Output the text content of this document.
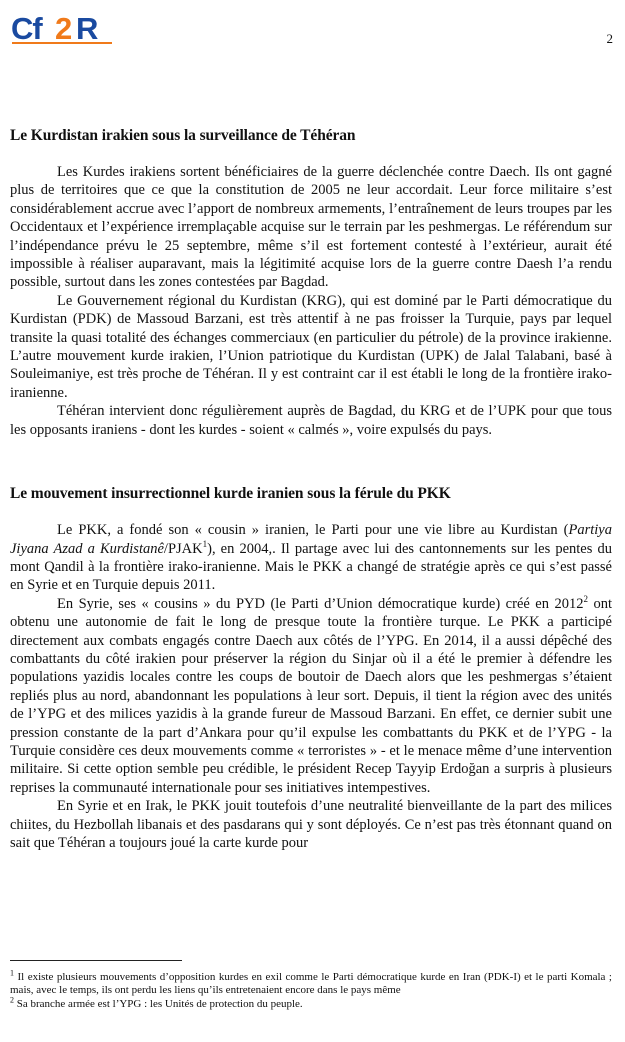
Cf 2 R	2
Le Kurdistan irakien sous la surveillance de Téhéran

Les Kurdes irakiens sortent bénéficiaires de la guerre déclenchée contre Daech. Ils ont gagné plus de territoires que ce que la constitution de 2005 ne leur accordait. Leur force militaire s’est considérablement accrue avec l’apport de nombreux armements, l’entraînement de leurs troupes par les Occidentaux et l’expérience irremplaçable acquise sur le terrain par les peshmergas. Le référendum sur l’indépendance prévu le 25 septembre, même s’il est fortement contesté à l’extérieur, aurait été impossible à réaliser auparavant, mais la légitimité acquise lors de la guerre contre Daesh l’a rendu possible, surtout dans les zones contestées par Bagdad.

Le Gouvernement régional du Kurdistan (KRG), qui est dominé par le Parti démocratique du Kurdistan (PDK) de Massoud Barzani, est très attentif à ne pas froisser la Turquie, pays par lequel transite la quasi totalité des échanges commerciaux (en particulier du pétrole) de la province irakienne. L’autre mouvement kurde irakien, l’Union patriotique du Kurdistan (UPK) de Jalal Talabani, basé à Souleimaniye, est très proche de Téhéran. Il y est contraint car il est établi le long de la frontière irako-iranienne.

Téhéran intervient donc régulièrement auprès de Bagdad, du KRG et de l’UPK pour que tous les opposants iraniens - dont les kurdes - soient « calmés », voire expulsés du pays.

Le mouvement insurrectionnel kurde iranien sous la férule du PKK

Le PKK, a fondé son « cousin » iranien, le Parti pour une vie libre au Kurdistan (Partiya Jiyana Azad a Kurdistanê/PJAK$^1$), en 2004,. Il partage avec lui des cantonnements sur les pentes du mont Qandil à la frontière irako-iranienne. Mais le PKK a changé de stratégie après ce qui s’est passé en Syrie et en Turquie depuis 2011.

En Syrie, ses « cousins » du PYD (le Parti d’Union démocratique kurde) créé en 2012$^2$ ont obtenu une autonomie de fait le long de presque toute la frontière turque. Le PKK a participé directement aux combats engagés contre Daech aux côtés de l’YPG. En 2014, il a aussi dépêché des combattants du côté irakien pour préserver la région du Sinjar où il a été le premier à défendre les populations yazidis locales contre les coups de boutoir de Daech alors que les peshmergas s’étaient repliés plus au nord, abandonnant les populations à leur sort. Depuis, il tient la région avec des unités de l’YPG et des milices yazidis à la grande fureur de Massoud Barzani. En effet, ce dernier subit une pression constante de la part d’Ankara pour qu’il expulse les combattants du PKK et de l’YPG - la Turquie considère ces deux mouvements comme « terroristes » - et le menace même d’une intervention militaire. Si cette option semble peu crédible, le président Recep Tayyip Erdoğan a surpris à plusieurs reprises la communauté internationale pour ses initiatives intempestives.

En Syrie et en Irak, le PKK jouit toutefois d’une neutralité bienveillante de la part des milices chiites, du Hezbollah libanais et des pasdarans qui y sont déployés. Ce n’est pas très étonnant quand on sait que Téhéran a toujours joué la carte kurde pour

$^1$ Il existe plusieurs mouvements d’opposition kurdes en exil comme le Parti démocratique kurde en Iran (PDK-I) et le parti Komala ; mais, avec le temps, ils ont perdu les liens qu’ils entretenaient encore dans le pays même

$^2$ Sa branche armée est l’YPG : les Unités de protection du peuple.
